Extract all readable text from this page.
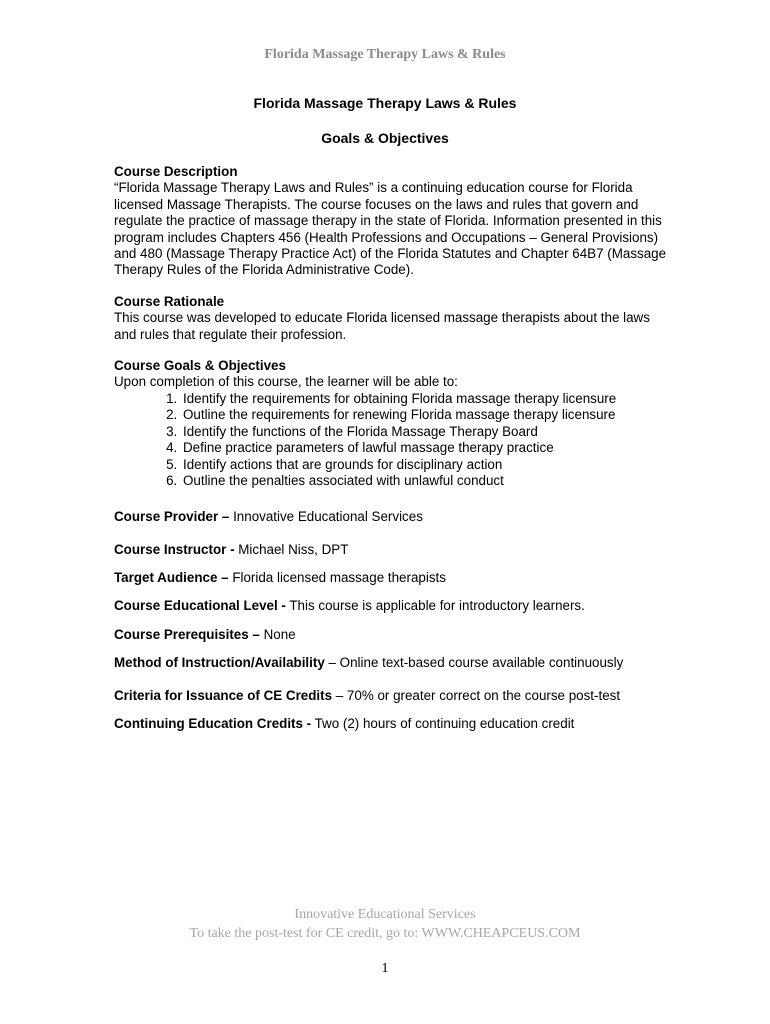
Florida Massage Therapy Laws & Rules
Florida Massage Therapy Laws & Rules
Goals & Objectives

Course Description

“Florida Massage Therapy Laws and Rules” is a continuing education course for Florida licensed Massage Therapists. The course focuses on the laws and rules that govern and regulate the practice of massage therapy in the state of Florida. Information presented in this program includes Chapters 456 (Health Professions and Occupations – General Provisions) and 480 (Massage Therapy Practice Act) of the Florida Statutes and Chapter 64B7 (Massage Therapy Rules of the Florida Administrative Code).

Course Rationale

This course was developed to educate Florida licensed massage therapists about the laws and rules that regulate their profession.

Course Goals & Objectives

Upon completion of this course, the learner will be able to:

1. Identify the requirements for obtaining Florida massage therapy licensure
2. Outline the requirements for renewing Florida massage therapy licensure
3. Identify the functions of the Florida Massage Therapy Board
4. Define practice parameters of lawful massage therapy practice
5. Identify actions that are grounds for disciplinary action
6. Outline the penalties associated with unlawful conduct
Course Provider – Innovative Educational Services
Course Instructor - Michael Niss, DPT
Target Audience – Florida licensed massage therapists
Course Educational Level - This course is applicable for introductory learners.
Course Prerequisites – None
Method of Instruction/Availability – Online text-based course available continuously
Criteria for Issuance of CE Credits – 70% or greater correct on the course post-test
Continuing Education Credits - Two (2) hours of continuing education credit
Innovative Educational Services
To take the post-test for CE credit, go to: WWW.CHEAPCEUS.COM
1
